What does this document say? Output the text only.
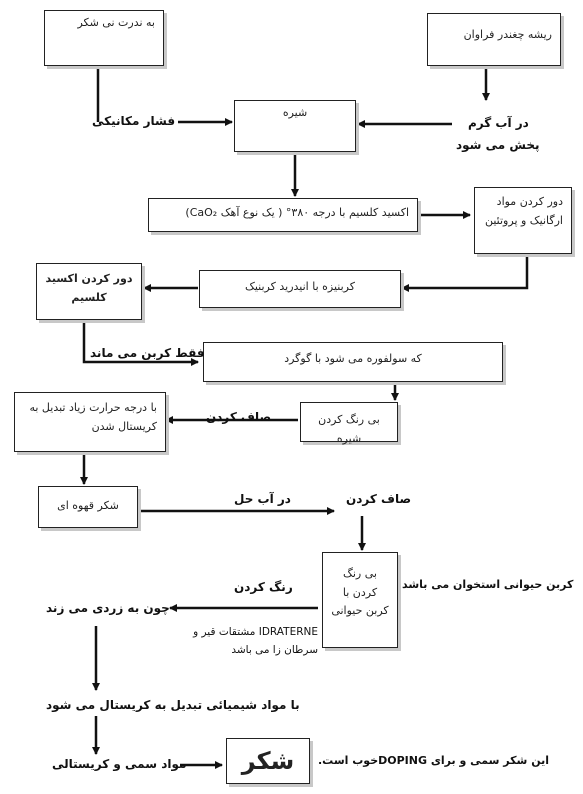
به ندرت نی شکر
ریشه چغندر فراوان
شیره
اکسید کلسیم با درجه ۳۸۰° ( یک نوع آهک CaO₂)
دور کردن مواد ارگانیک و پروتئین
کربنیزه با انیدرید کربنیک
دور کردن اکسید کلسیم
که سولفوره می شود با گوگرد
بی رنگ کردن شیره
با درجه حرارت زیاد تبدیل به کریستال شدن
شکر قهوه ای
بی رنگ کردن با کربن حیوانی
شکر
فشار مکانیکی	در آب گرم
پخش می شود
فقط کربن می ماند
صاف کردن
در آب حل	صاف کردن
کربن حیوانی استخوان می باشد
رنگ کردن
چون به زردی می زند
IDRATERNE مشتقات قیر و سرطان زا می باشد
با مواد شیمیائی تبدیل به کریستال می شود
مواد سمی و کریستالی	این شکر سمی و برای DOPINGخوب است.
